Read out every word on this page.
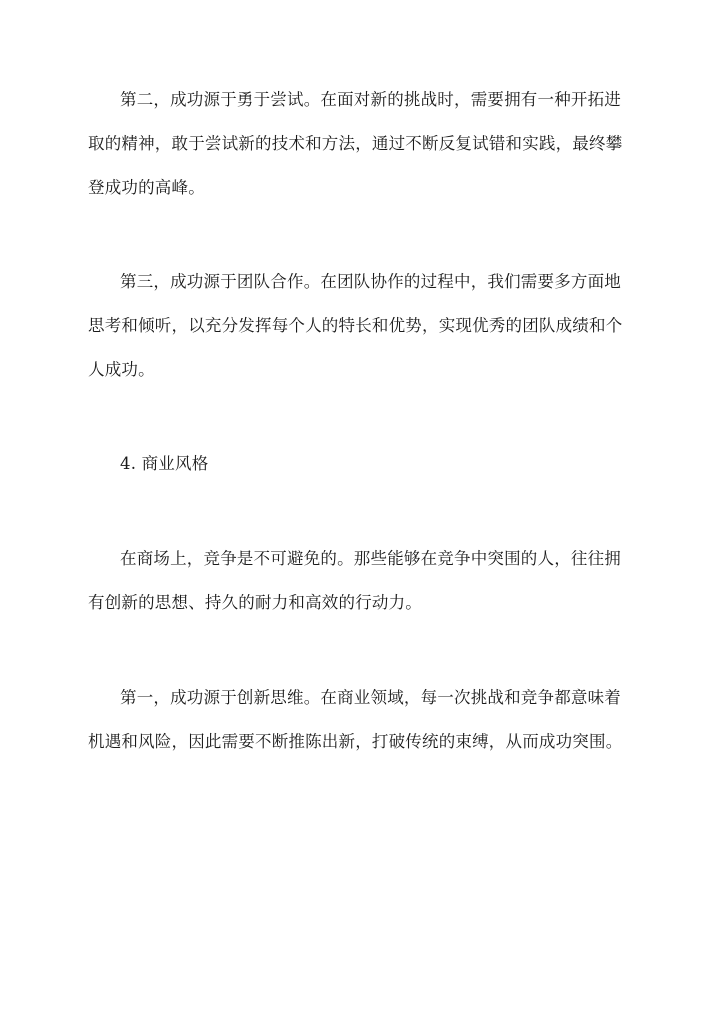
第二，成功源于勇于尝试。在面对新的挑战时，需要拥有一种开拓进
取的精神，敢于尝试新的技术和方法，通过不断反复试错和实践，最终攀
登成功的高峰。
第三，成功源于团队合作。在团队协作的过程中，我们需要多方面地
思考和倾听，以充分发挥每个人的特长和优势，实现优秀的团队成绩和个
人成功。
4. 商业风格
在商场上，竞争是不可避免的。那些能够在竞争中突围的人，往往拥
有创新的思想、持久的耐力和高效的行动力。
第一，成功源于创新思维。在商业领域，每一次挑战和竞争都意味着
机遇和风险，因此需要不断推陈出新，打破传统的束缚，从而成功突围。
